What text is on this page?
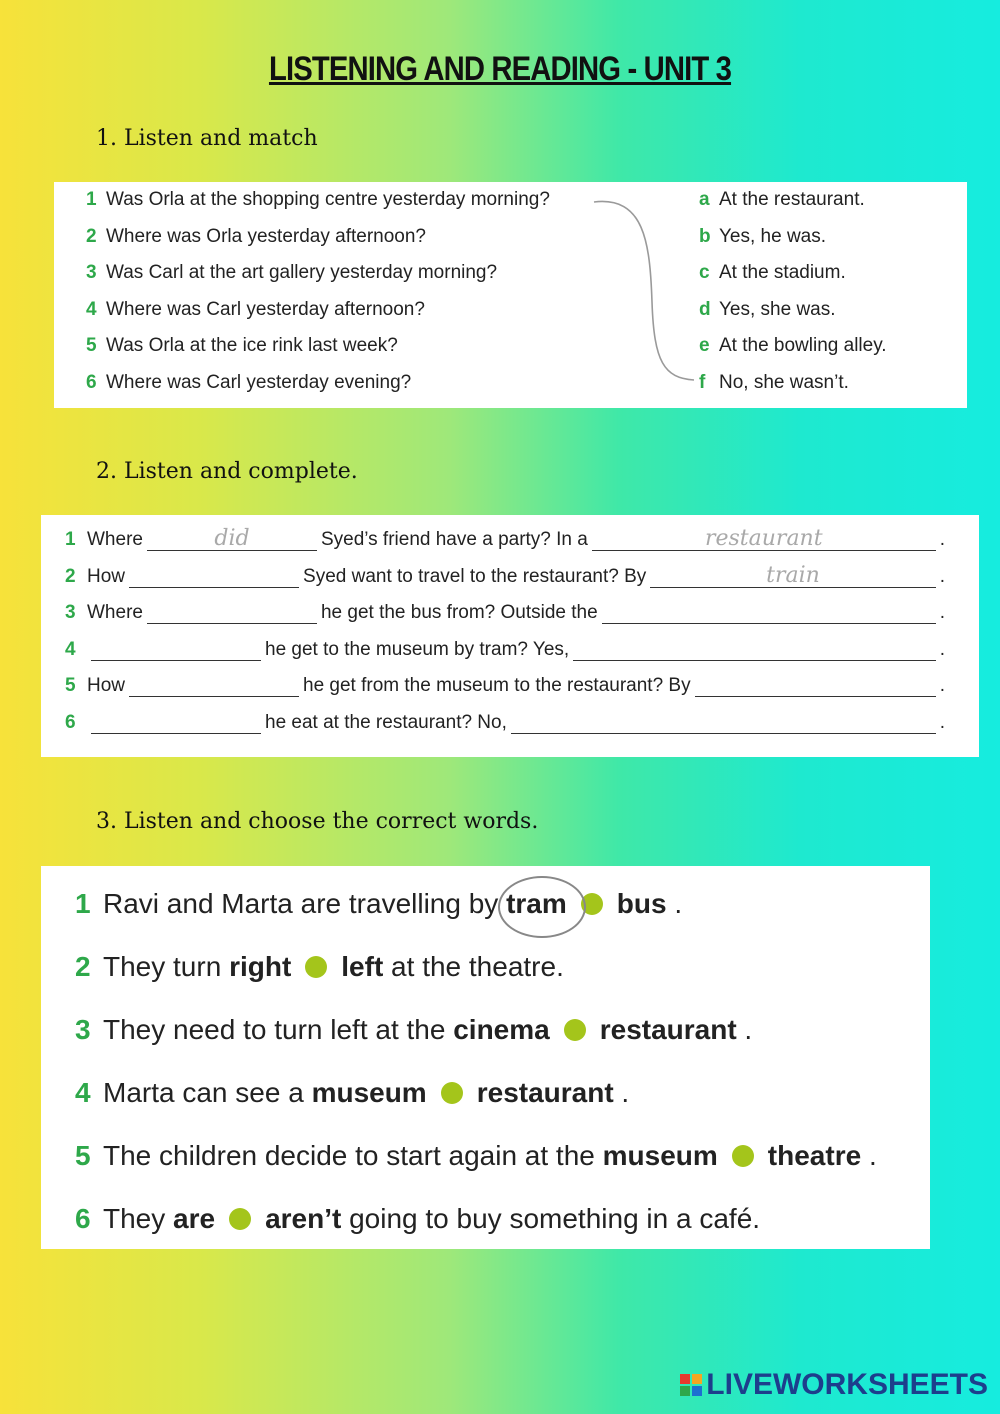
LISTENING AND READING - UNIT 3
1. Listen and match
1 Was Orla at the shopping centre yesterday morning?
2 Where was Orla yesterday afternoon?
3 Was Carl at the art gallery yesterday morning?
4 Where was Carl yesterday afternoon?
5 Was Orla at the ice rink last week?
6 Where was Carl yesterday evening?
a At the restaurant.
b Yes, he was.
c At the stadium.
d Yes, she was.
e At the bowling alley.
f No, she wasn’t.
2. Listen and complete.
1 Where	did	Syed’s friend have a party? In a	restaurant	.
2 How	Syed want to travel to the restaurant? By	train	.
3 Where	he get the bus from? Outside the	.
4	he get to the museum by tram? Yes,	.
5 How	he get from the museum to the restaurant? By	.
6	he eat at the restaurant? No,	.
3. Listen and choose the correct words.
1 Ravi and Marta are travelling by tram bus .
2 They turn right left at the theatre.
3 They need to turn left at the cinema restaurant .
4 Marta can see a museum restaurant .
5 The children decide to start again at the museum theatre .
6 They are aren’t going to buy something in a café.
LIVEWORKSHEETS
